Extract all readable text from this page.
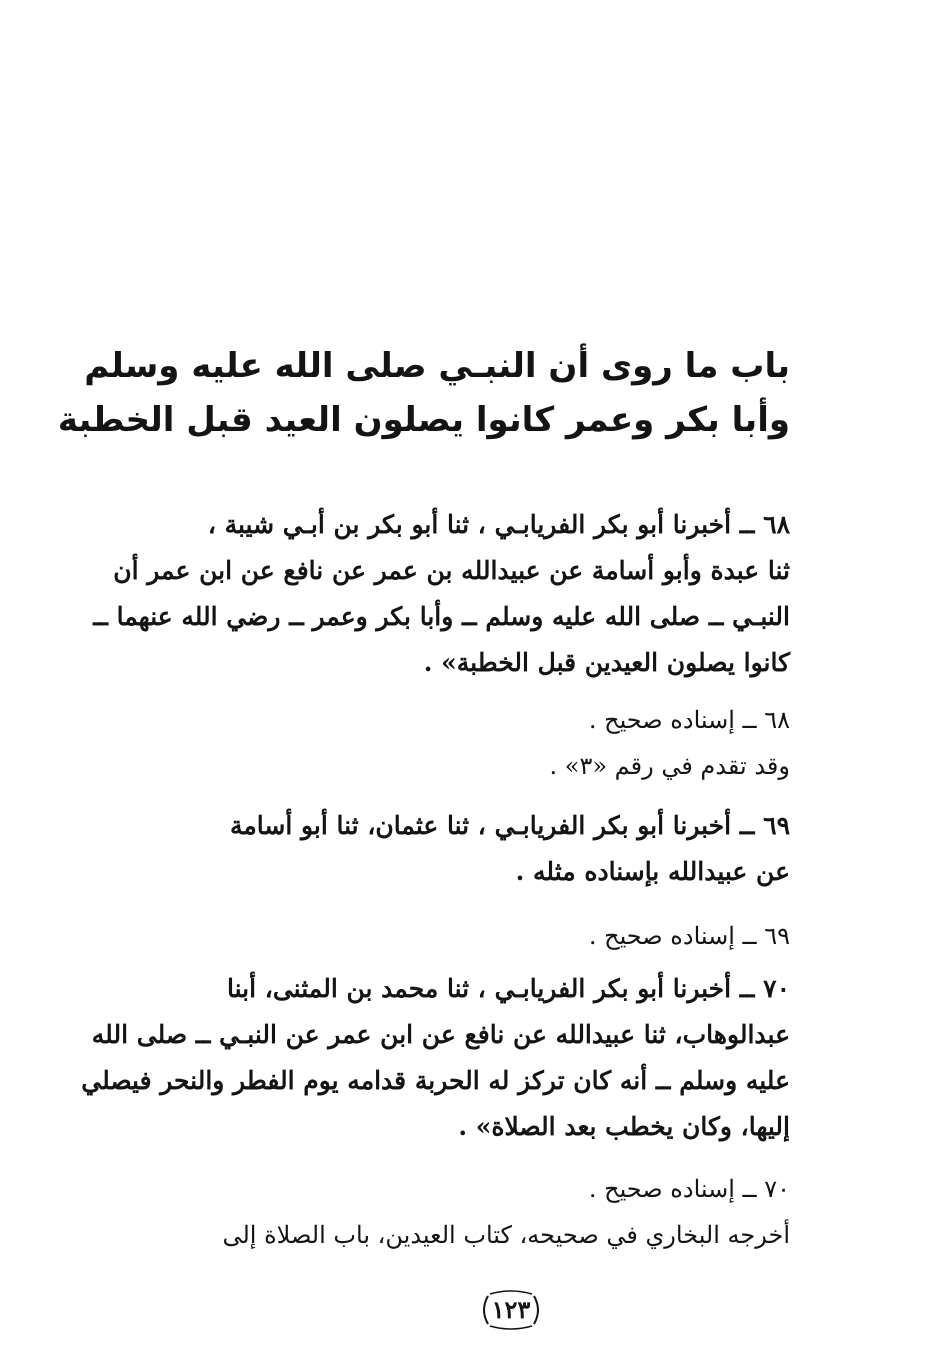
باب ما روى أن النبـي صلى الله عليه وسلم
وأبا بكر وعمر كانوا يصلون العيد قبل الخطبة
٦٨ ــ أخبرنا أبو بكر الفريابـي ، ثنا أبو بكر بن أبـي شيبة ،
ثنا عبدة وأبو أسامة عن عبيدالله بن عمر عن نافع عن ابن عمر أن
النبـي ــ صلى الله عليه وسلم ــ وأبا بكر وعمر ــ رضي الله عنهما ــ
كانوا يصلون العيدين قبل الخطبة» .
٦٨ ــ إسناده صحيح .
وقد تقدم في رقم «٣» .
٦٩ ــ أخبرنا أبو بكر الفريابـي ، ثنا عثمان، ثنا أبو أسامة
عن عبيدالله بإسناده مثله .
٦٩ ــ إسناده صحيح .
٧٠ ــ أخبرنا أبو بكر الفريابـي ، ثنا محمد بن المثنى، أبنا
عبدالوهاب، ثنا عبيدالله عن نافع عن ابن عمر عن النبـي ــ صلى الله
عليه وسلم ــ أنه كان تركز له الحربة قدامه يوم الفطر والنحر فيصلي
إليها، وكان يخطب بعد الصلاة» .
٧٠ ــ إسناده صحيح .
أخرجه البخاري في صحيحه، كتاب العيدين، باب الصلاة إلى
١٢٣
